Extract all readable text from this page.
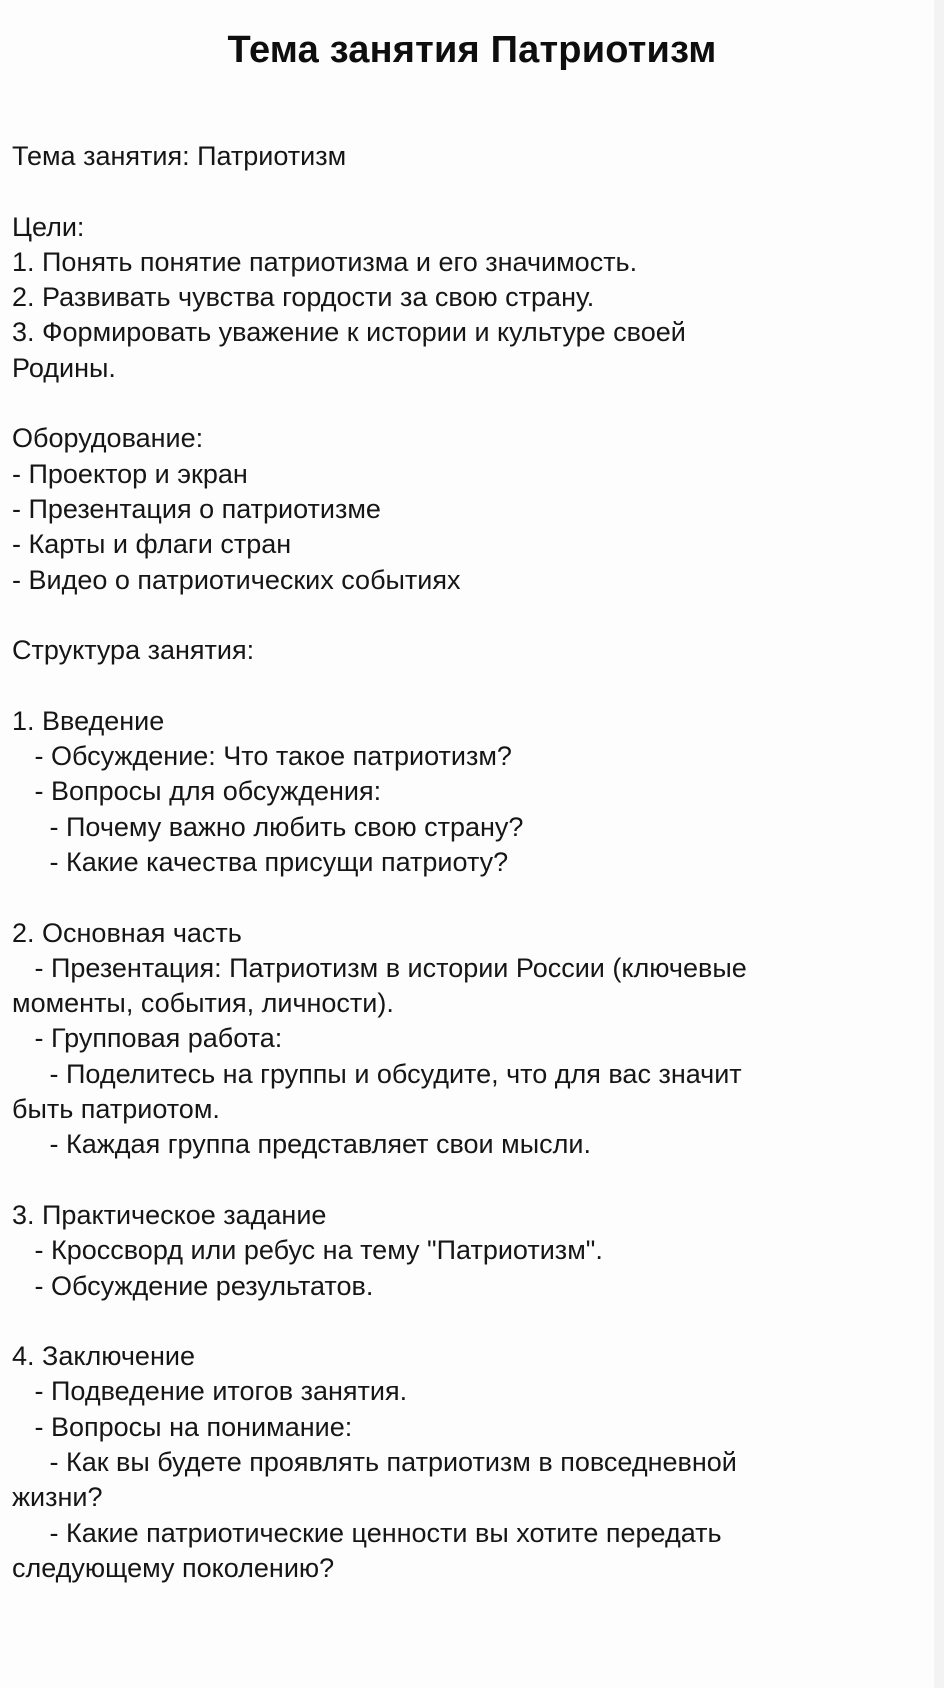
Тема занятия Патриотизм
Тема занятия: Патриотизм
Цели:
1. Понять понятие патриотизма и его значимость.
2. Развивать чувства гордости за свою страну.
3. Формировать уважение к истории и культуре своей
Родины.
Оборудование:
- Проектор и экран
- Презентация о патриотизме
- Карты и флаги стран
- Видео о патриотических событиях
Структура занятия:
1. Введение
- Обсуждение: Что такое патриотизм?
- Вопросы для обсуждения:
- Почему важно любить свою страну?
- Какие качества присущи патриоту?
2. Основная часть
- Презентация: Патриотизм в истории России (ключевые
моменты, события, личности).
- Групповая работа:
- Поделитесь на группы и обсудите, что для вас значит
быть патриотом.
- Каждая группа представляет свои мысли.
3. Практическое задание
- Кроссворд или ребус на тему "Патриотизм".
- Обсуждение результатов.
4. Заключение
- Подведение итогов занятия.
- Вопросы на понимание:
- Как вы будете проявлять патриотизм в повседневной
жизни?
- Какие патриотические ценности вы хотите передать
следующему поколению?
